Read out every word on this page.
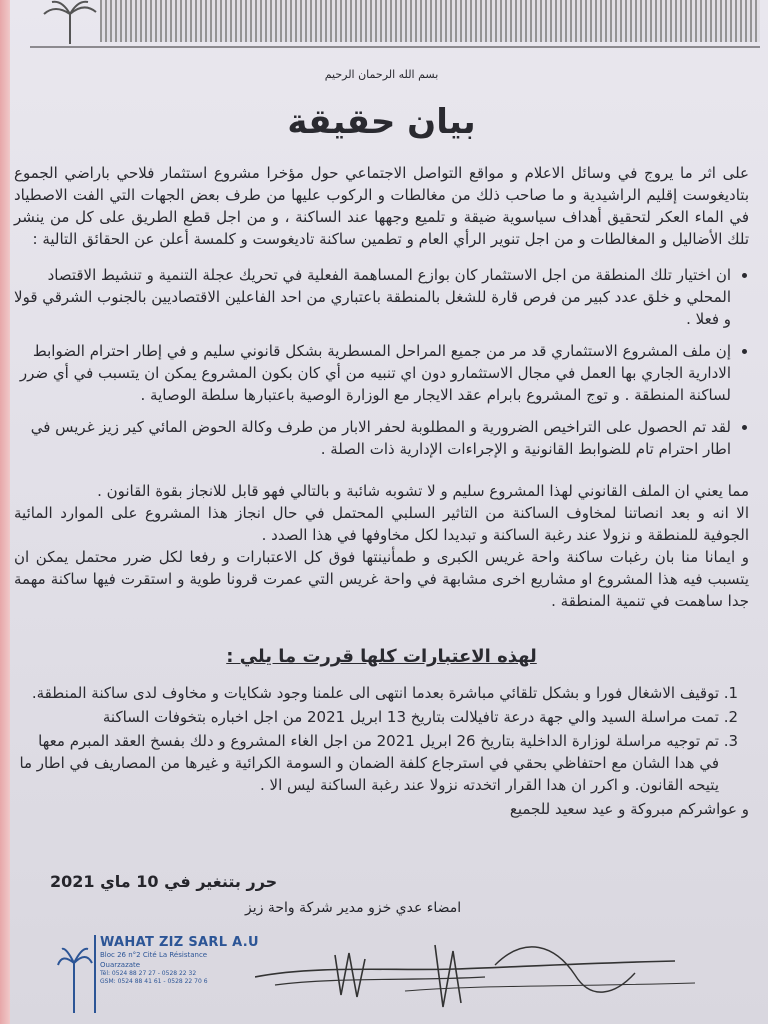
بسم الله الرحمان الرحيم
بيان حقيقة

على اثر ما يروج في وسائل الاعلام و مواقع التواصل الاجتماعي حول مؤخرا مشروع استثمار فلاحي باراضي الجموع بتاديغوست إقليم الراشيدية و ما صاحب ذلك من مغالطات و الركوب عليها من طرف بعض الجهات التي الفت الاصطياد في الماء العكر لتحقيق أهداف سياسوية ضيقة و تلميع وجهها عند الساكنة ، و من اجل قطع الطريق على كل من ينشر تلك الأضاليل و المغالطات و من اجل تنوير الرأي العام و تطمين ساكنة تاديغوست و كلمسة أعلن عن الحقائق التالية :

• ان اختيار تلك المنطقة من اجل الاستثمار كان بوازع المساهمة الفعلية في تحريك عجلة التنمية و تنشيط الاقتصاد المحلي و خلق عدد كبير من فرص قارة للشغل بالمنطقة باعتباري من احد الفاعلين الاقتصاديين بالجنوب الشرقي قولا و فعلا .
• إن ملف المشروع الاستثماري قد مر من جميع المراحل المسطرية بشكل قانوني سليم و في إطار احترام الضوابط الادارية الجاري بها العمل في مجال الاستثمارو دون اي تنبيه من أي كان بكون المشروع يمكن ان يتسبب في أي ضرر لساكنة المنطقة . و توج المشروع بابرام عقد الايجار مع الوزارة الوصية باعتبارها سلطة الوصاية .
• لقد تم الحصول على التراخيص الضرورية و المطلوبة لحفر الابار من طرف وكالة الحوض المائي كير زيز غريس في اطار احترام تام للضوابط القانونية و الإجراءات الإدارية ذات الصلة .

مما يعني ان الملف القانوني لهذا المشروع سليم و لا تشوبه شائبة و بالتالي فهو قابل للانجاز بقوة القانون .

الا انه و بعد انصاتنا لمخاوف الساكنة من التاثير السلبي المحتمل في حال انجاز هذا المشروع على الموارد المائية الجوفية للمنطقة و نزولا عند رغبة الساكنة و تبديدا لكل مخاوفها في هذا الصدد .

و ايمانا منا بان رغبات ساكنة واحة غريس الكبرى و طمأنينتها فوق كل الاعتبارات و رفعا لكل ضرر محتمل يمكن ان يتسبب فيه هذا المشروع او مشاريع اخرى مشابهة في واحة غريس التي عمرت قرونا طوية و استقرت فيها ساكنة مهمة جدا ساهمت في تنمية المنطقة .

لهذه الاعتبارات كلها قررت ما يلي :
1. توقيف الاشغال فورا و بشكل تلقائي مباشرة بعدما انتهى الى علمنا وجود شكايات و مخاوف لدى ساكنة المنطقة.
2. تمت مراسلة السيد والي جهة درعة تافيلالت بتاريخ 13 ابريل 2021 من اجل اخباره بتخوفات الساكنة
3. تم توجيه مراسلة لوزارة الداخلية بتاريخ 26 ابريل 2021 من اجل الغاء المشروع و دلك بفسخ العقد المبرم معها في هدا الشان مع احتفاظي بحقي في استرجاع كلفة الضمان و السومة الكرائية و غيرها من المصاريف في اطار ما يتيحه القانون. و اكرر ان هدا القرار اتخدته نزولا عند رغبة الساكنة ليس الا .

و عواشركم مبروكة و عيد سعيد للجميع

حرر بتنغير في 10 ماي 2021
امضاء عدي خزو مدير شركة واحة زيز
WAHAT ZIZ SARL A.U
Bloc 26 n°2 Cité La Résistance
Ouarzazate
Tél: 0524 88 27 27 - 0528 22 32
GSM: 0524 88 41 61 - 0528 22 70 6
